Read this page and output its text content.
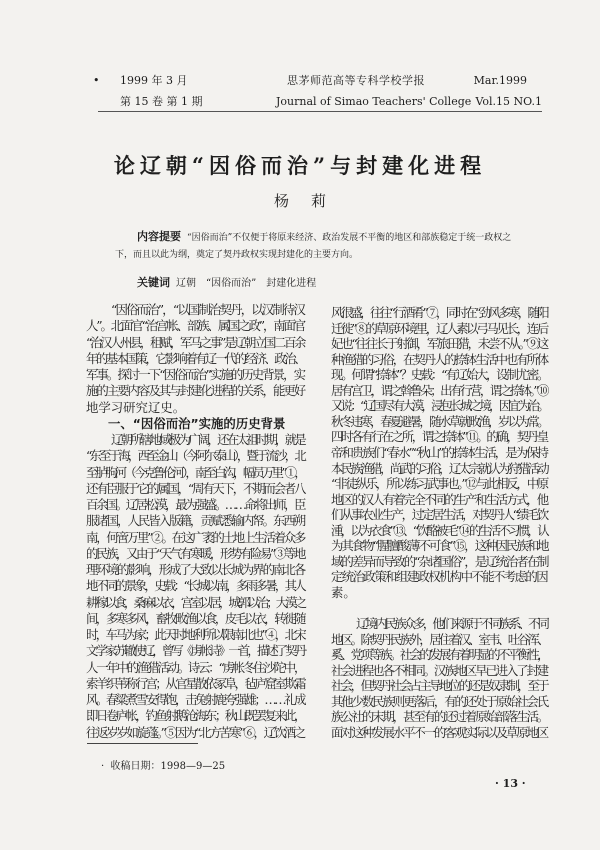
• 1999 年 3 月
第 15 卷 第 1 期
思茅师范高等专科学校学报
Journal of Simao Teachers' College
Mar.1999
Vol.15 NO.1
论辽朝“因俗而治”与封建化进程
杨莉
内容提要 “因俗而治”不仅便于将原来经济、政治发展不平衡的地区和部族稳定于统一政权之
下，而且以此为纲，奠定了契丹政权实现封建化的主要方向。
关键词 辽朝　“因俗而治”　封建化进程
“因俗而治”，“以国制治契丹，以汉制待汉
人”。北面官“治宫帐、部族、属国之政”，南面官
“治汉人州县，租赋，军马之事”是辽朝立国二百余
年的基本国策，它影响着有辽一代的经济、政治、
军事。探讨一下“因俗而治”实施的历史背景，实
施的主要内容及其与封建化进程的关系，能更好
地学习研究辽史。
一、“因俗而治”实施的历史背景
辽朝所辖地域极为广阔，还在太祖时期，就是
“东至于海，西至金山（今阿尔泰山），暨于流沙，北
至胪朐河（今克鲁伦河），南至白沟，幅员万里”①，
还有臣服于它的属国，“周有天下，不期而会者八
百余国。辽居松漠，最为强盛。……命将出师，臣
服诸国，人民皆入版籍，贡赋悉输内帑。东西朔
南，何啻万里”②。在这广袤的土地上生活着众多
的民族，又由于“天气有寒暖，形势有险易”③等地
理环境的影响，形成了大致以长城为界的南北各
地不同的景象，史载：“长城以南，多雨多暑，其人
耕稼以食，桑麻以衣，宫室以居，城郭以治；大漠之
间，多寒多风，畜牧畋渔以食，皮毛以衣，转徙随
时，车马为家；此天时地利所以限南北也”④，北宋
文学家苏辙使辽，曾写《虏帐诗》一首，描述了契丹
人一年中的渔猎活动。诗云：“虏帐冬住沙陀中，
索羊织苇称行宫；从官星散依冢阜，毡庐窟室欺霜
风。春粱煮雪安得饱，击兔射鹿夸强雄；……礼成
即日卷庐帐，钓鱼射鹅沧海东；秋山既罢复来此，
往返岁岁如旋蓬。”⑤因为“北方苦寒”⑥，辽饮酒之
风很盛，往往“行酒肴”⑦，同时在“劲风多寒，随阳
迁徙”⑧的草原环境里，辽人素以弓马见长，连后
妃也“往往长于射御，军旅田猎，未尝不从。”⑨这
种渔猎的习俗，在契丹人的捺钵生活中也有所体
现。何谓“捺钵”？史载：“有辽始大，设制尤密。
居有宫卫，谓之斡鲁朵；出有行营，谓之捺钵。”⑩
又说：“辽国尽有大漠，浸包长城之境，因宜为治。
秋冬违寒，春夏避暑，随水草就畋渔，岁以为常。
四时各有行在之所，谓之捺钵”⑪。的确，契丹皇
帝和贵族们“春水”“秋山”的捺钵生活，是为保持
本民族渔猎，尚武的习俗，辽太宗就认为狩猎活动
“非徒纵乐，所以练习武事也。”⑫与此相反，中原
地区的汉人有着完全不同的生产和生活方式，他
们从事农业生产，过定居生活，对契丹人“绩毛饮
湩，以为衣食”⑬、“饮酪被毛”⑭的生活不习惯，认
为其食物“腥膻酸薄不可食”⑮，这种因民族和地
域的差异而导致的“杂诸国俗”，是辽统治者在制
定统治政策和组建政权机构中不能不考虑的因
素。
辽境内民族众多，他们来源于不同族系、不同
地区。除契丹民族外，居住着汉、室韦、吐谷浑、
奚、党项等族。社会的发展有着明显的不平衡性，
社会进程也各不相同。汉族地区早已进入了封建
社会，但契丹社会占主导地位的还是奴隶制，至于
其他少数民族则更落后，有的还处于原始社会氏
族公社的末期，甚至有的还过着原始部落生活。
面对这种发展水平不一的客观实际以及草原地区
·  收稿日期：1998—9—25
· 13 ·
